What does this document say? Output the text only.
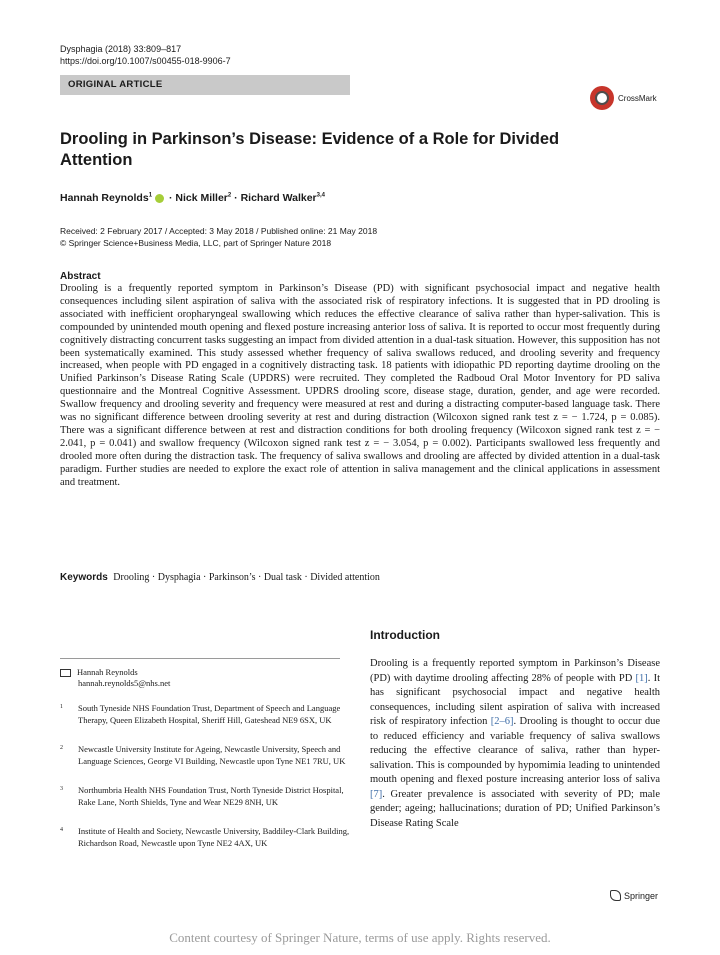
Dysphagia (2018) 33:809–817
https://doi.org/10.1007/s00455-018-9906-7
ORIGINAL ARTICLE
CrossMark
Drooling in Parkinson’s Disease: Evidence of a Role for Divided Attention
Hannah Reynolds$^1$ · Nick Miller$^2$ · Richard Walker$^{3,4}$
Received: 2 February 2017 / Accepted: 3 May 2018 / Published online: 21 May 2018
© Springer Science+Business Media, LLC, part of Springer Nature 2018
Abstract
Drooling is a frequently reported symptom in Parkinson’s Disease (PD) with significant psychosocial impact and negative health consequences including silent aspiration of saliva with the associated risk of respiratory infections. It is suggested that in PD drooling is associated with inefficient oropharyngeal swallowing which reduces the effective clearance of saliva rather than hyper-salivation. This is compounded by unintended mouth opening and flexed posture increasing anterior loss of saliva. It is reported to occur most frequently during cognitively distracting concurrent tasks suggesting an impact from divided attention in a dual-task situation. However, this supposition has not been systematically examined. This study assessed whether frequency of saliva swallows reduced, and drooling severity and frequency increased, when people with PD engaged in a cognitively distracting task. 18 patients with idiopathic PD reporting daytime drooling on the Unified Parkinson’s Disease Rating Scale (UPDRS) were recruited. They completed the Radboud Oral Motor Inventory for PD saliva questionnaire and the Montreal Cognitive Assessment. UPDRS drooling score, disease stage, duration, gender, and age were recorded. Swallow frequency and drooling severity and frequency were measured at rest and during a distracting computer-based language task. There was no significant difference between drooling severity at rest and during distraction (Wilcoxon signed rank test z = − 1.724, p = 0.085). There was a significant difference between at rest and distraction conditions for both drooling frequency (Wilcoxon signed rank test z = − 2.041, p = 0.041) and swallow frequency (Wilcoxon signed rank test z = − 3.054, p = 0.002). Participants swallowed less frequently and drooled more often during the distraction task. The frequency of saliva swallows and drooling are affected by divided attention in a dual-task paradigm. Further studies are needed to explore the exact role of attention in saliva management and the clinical applications in assessment and treatment.
Keywords Drooling · Dysphagia · Parkinson’s · Dual task · Divided attention
Introduction
Drooling is a frequently reported symptom in Parkinson’s Disease (PD) with daytime drooling affecting 28% of people with PD [1]. It has significant psychosocial impact and negative health consequences, including silent aspiration of saliva with increased risk of respiratory infection [2–6]. Drooling is thought to occur due to reduced efficiency and variable frequency of saliva swallows reducing the effective clearance of saliva, rather than hyper-salivation. This is compounded by hypomimia leading to unintended mouth opening and flexed posture increasing anterior loss of saliva [7]. Greater prevalence is associated with severity of PD; male gender; ageing; hallucinations; duration of PD; Unified Parkinson’s Disease Rating Scale
Hannah Reynolds
hannah.reynolds5@nhs.net
1	South Tyneside NHS Foundation Trust, Department of Speech and Language Therapy, Queen Elizabeth Hospital, Sheriff Hill, Gateshead NE9 6SX, UK
2	Newcastle University Institute for Ageing, Newcastle University, Speech and Language Sciences, George VI Building, Newcastle upon Tyne NE1 7RU, UK
3	Northumbria Health NHS Foundation Trust, North Tyneside District Hospital, Rake Lane, North Shields, Tyne and Wear NE29 8NH, UK
4	Institute of Health and Society, Newcastle University, Baddiley-Clark Building, Richardson Road, Newcastle upon Tyne NE2 4AX, UK
Springer
Content courtesy of Springer Nature, terms of use apply. Rights reserved.
